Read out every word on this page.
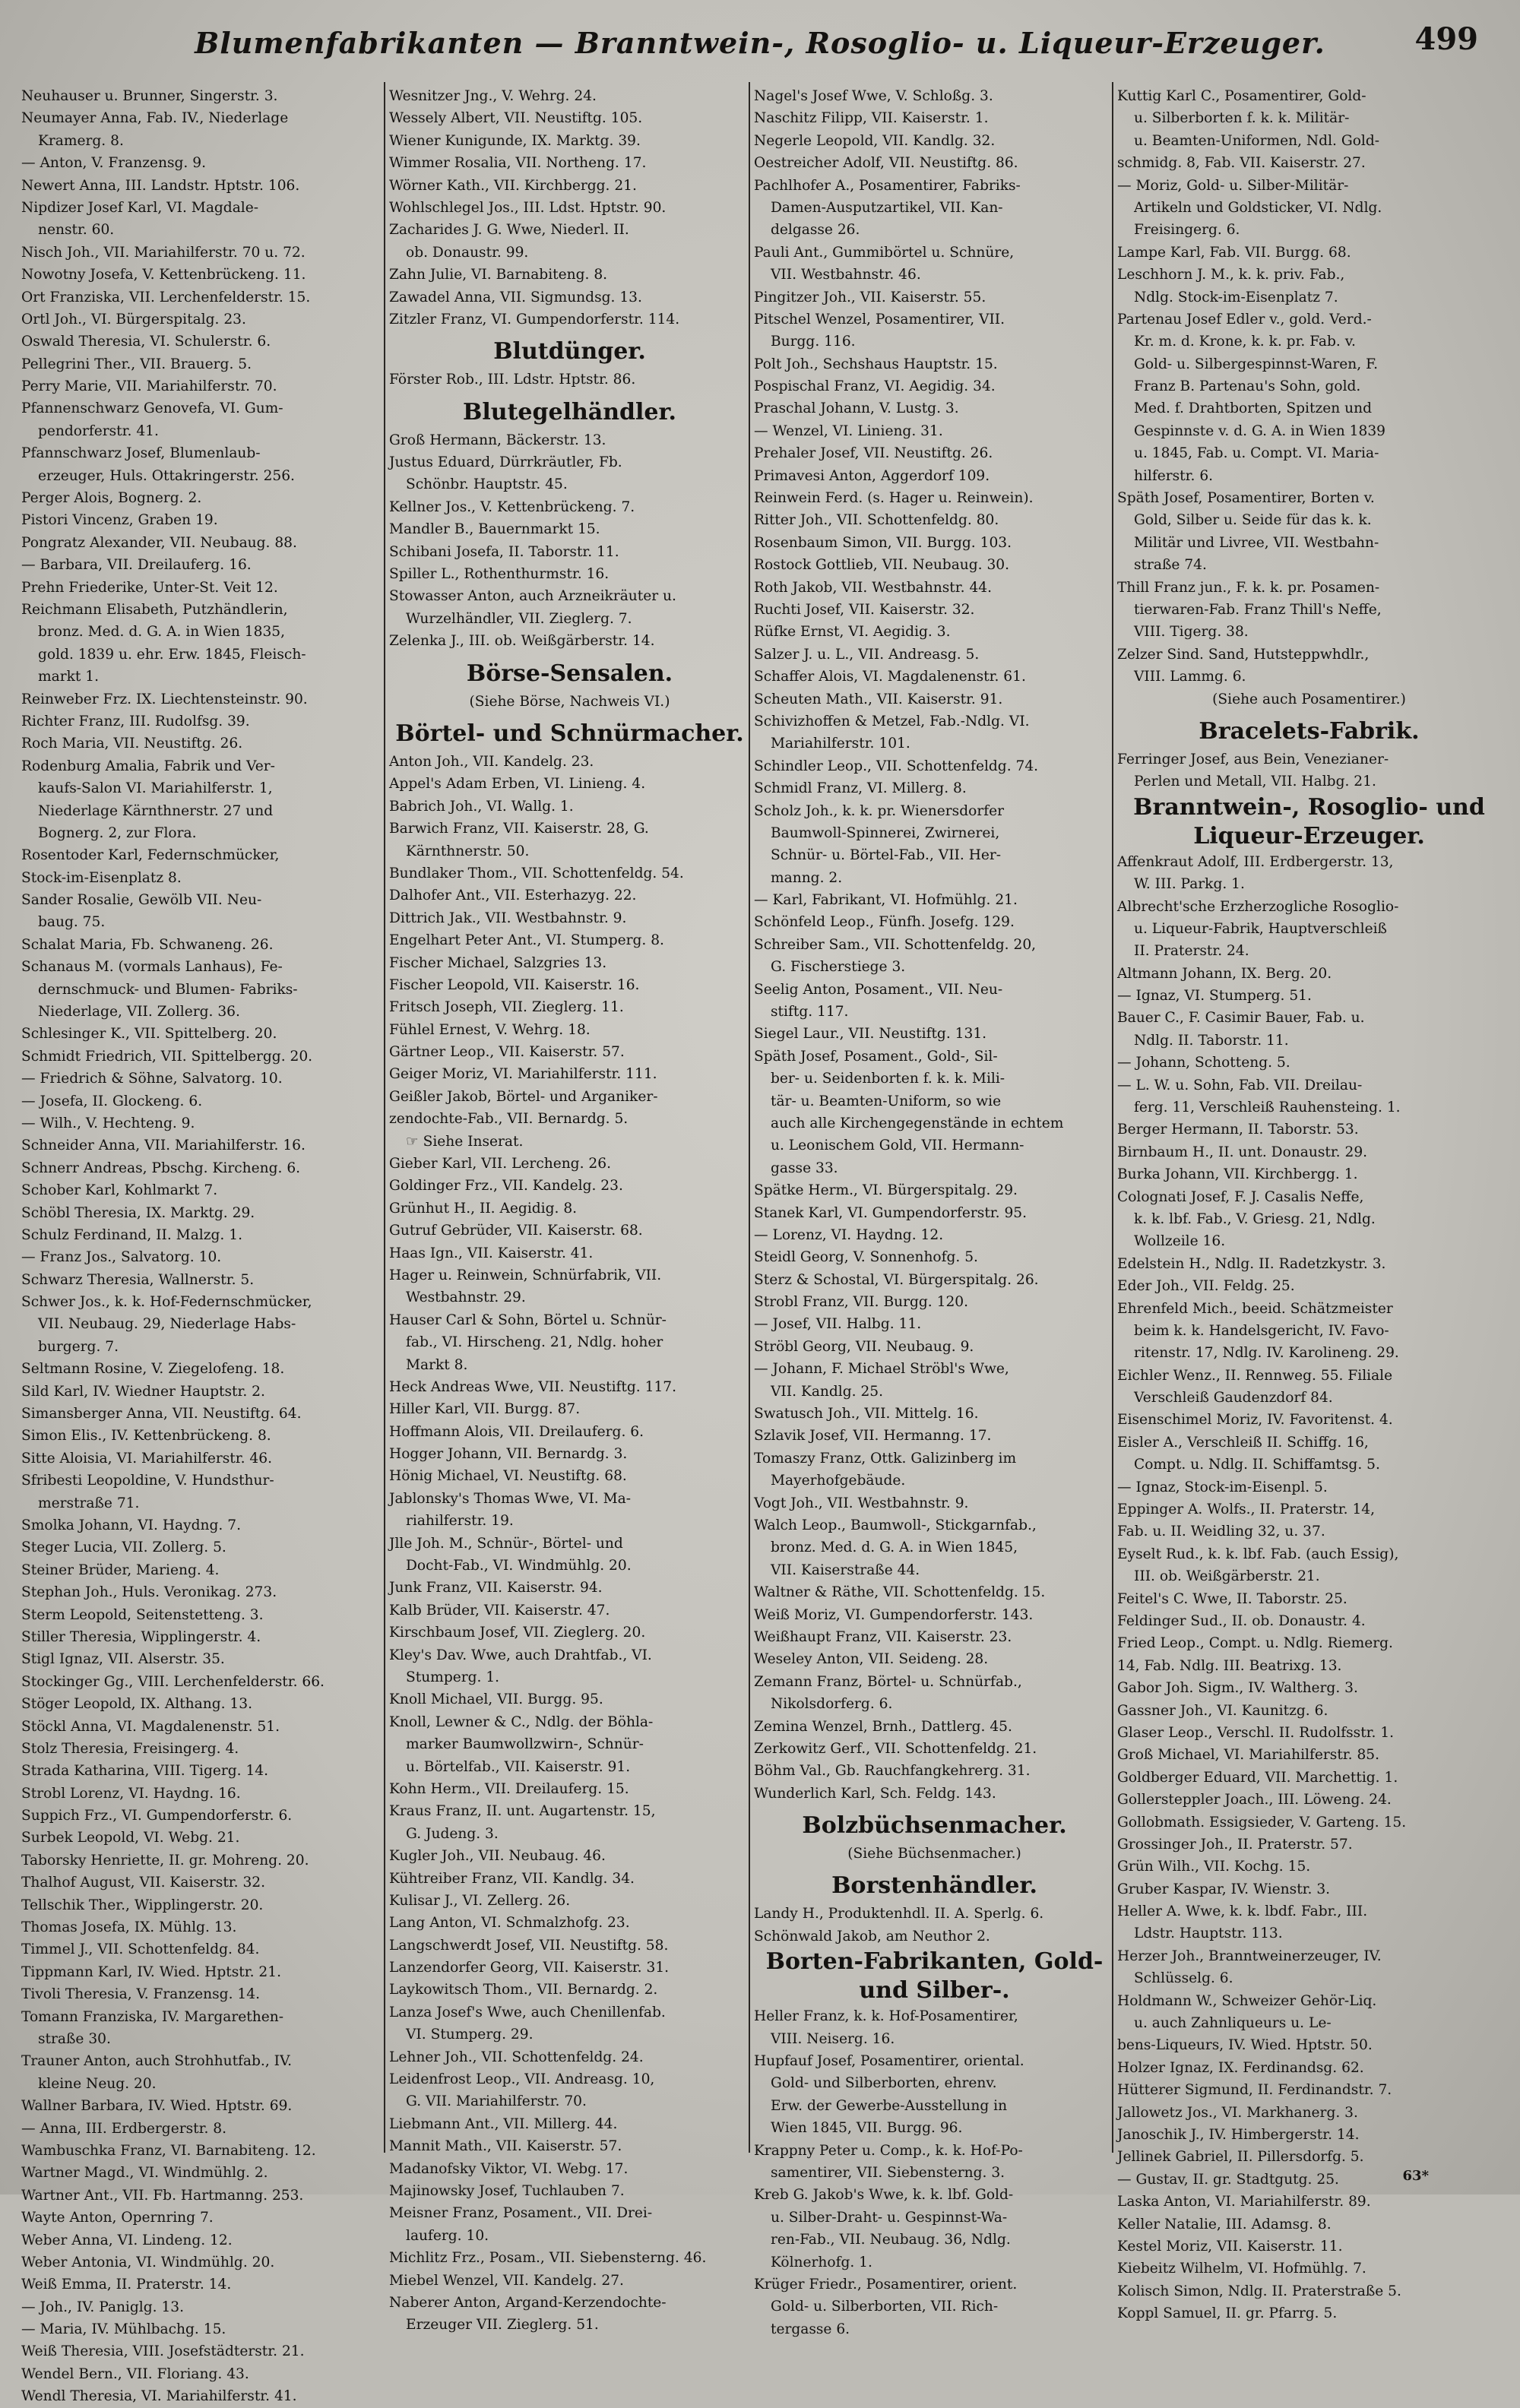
Blumenfabrikanten — Branntwein-, Rosoglio- u. Liqueur-Erzeuger.	499
Neuhauser u. Brunner, Singerstr. 3.
Neumayer Anna, Fab. IV., Niederlage
Kramerg. 8.
— Anton, V. Franzensg. 9.
Newert Anna, III. Landstr. Hptstr. 106.
Nipdizer Josef Karl, VI. Magdale-
nenstr. 60.
Nisch Joh., VII. Mariahilferstr. 70 u. 72.
Nowotny Josefa, V. Kettenbrückeng. 11.
Ort Franziska, VII. Lerchenfelderstr. 15.
Ortl Joh., VI. Bürgerspitalg. 23.
Oswald Theresia, VI. Schulerstr. 6.
Pellegrini Ther., VII. Brauerg. 5.
Perry Marie, VII. Mariahilferstr. 70.
Pfannenschwarz Genovefa, VI. Gum-
pendorferstr. 41.
Pfannschwarz Josef, Blumenlaub-
erzeuger, Huls. Ottakringerstr. 256.
Perger Alois, Bognerg. 2.
Pistori Vincenz, Graben 19.
Pongratz Alexander, VII. Neubaug. 88.
— Barbara, VII. Dreilauferg. 16.
Prehn Friederike, Unter-St. Veit 12.
Reichmann Elisabeth, Putzhändlerin,
bronz. Med. d. G. A. in Wien 1835,
gold. 1839 u. ehr. Erw. 1845, Fleisch-
markt 1.
Reinweber Frz. IX. Liechtensteinstr. 90.
Richter Franz, III. Rudolfsg. 39.
Roch Maria, VII. Neustiftg. 26.
Rodenburg Amalia, Fabrik und Ver-
kaufs-Salon VI. Mariahilferstr. 1,
Niederlage Kärnthnerstr. 27 und
Bognerg. 2, zur Flora.
Rosentoder Karl, Federnschmücker,
Stock-im-Eisenplatz 8.
Sander Rosalie, Gewölb VII. Neu-
baug. 75.
Schalat Maria, Fb. Schwaneng. 26.
Schanaus M. (vormals Lanhaus), Fe-
dernschmuck- und Blumen- Fabriks-
Niederlage, VII. Zollerg. 36.
Schlesinger K., VII. Spittelberg. 20.
Schmidt Friedrich, VII. Spittelbergg. 20.
— Friedrich & Söhne, Salvatorg. 10.
— Josefa, II. Glockeng. 6.
— Wilh., V. Hechteng. 9.
Schneider Anna, VII. Mariahilferstr. 16.
Schnerr Andreas, Pbschg. Kircheng. 6.
Schober Karl, Kohlmarkt 7.
Schöbl Theresia, IX. Marktg. 29.
Schulz Ferdinand, II. Malzg. 1.
— Franz Jos., Salvatorg. 10.
Schwarz Theresia, Wallnerstr. 5.
Schwer Jos., k. k. Hof-Federnschmücker,
VII. Neubaug. 29, Niederlage Habs-
burgerg. 7.
Seltmann Rosine, V. Ziegelofeng. 18.
Sild Karl, IV. Wiedner Hauptstr. 2.
Simansberger Anna, VII. Neustiftg. 64.
Simon Elis., IV. Kettenbrückeng. 8.
Sitte Aloisia, VI. Mariahilferstr. 46.
Sfribesti Leopoldine, V. Hundsthur-
merstraße 71.
Smolka Johann, VI. Haydng. 7.
Steger Lucia, VII. Zollerg. 5.
Steiner Brüder, Marieng. 4.
Stephan Joh., Huls. Veronikag. 273.
Sterm Leopold, Seitenstetteng. 3.
Stiller Theresia, Wipplingerstr. 4.
Stigl Ignaz, VII. Alserstr. 35.
Stockinger Gg., VIII. Lerchenfelderstr. 66.
Stöger Leopold, IX. Althang. 13.
Stöckl Anna, VI. Magdalenenstr. 51.
Stolz Theresia, Freisingerg. 4.
Strada Katharina, VIII. Tigerg. 14.
Strobl Lorenz, VI. Haydng. 16.
Suppich Frz., VI. Gumpendorferstr. 6.
Surbek Leopold, VI. Webg. 21.
Taborsky Henriette, II. gr. Mohreng. 20.
Thalhof August, VII. Kaiserstr. 32.
Tellschik Ther., Wipplingerstr. 20.
Thomas Josefa, IX. Mühlg. 13.
Timmel J., VII. Schottenfeldg. 84.
Tippmann Karl, IV. Wied. Hptstr. 21.
Tivoli Theresia, V. Franzensg. 14.
Tomann Franziska, IV. Margarethen-
straße 30.
Trauner Anton, auch Strohhutfab., IV.
kleine Neug. 20.
Wallner Barbara, IV. Wied. Hptstr. 69.
— Anna, III. Erdbergerstr. 8.
Wambuschka Franz, VI. Barnabiteng. 12.
Wartner Magd., VI. Windmühlg. 2.
Wartner Ant., VII. Fb. Hartmanng. 253.
Wayte Anton, Opernring 7.
Weber Anna, VI. Lindeng. 12.
Weber Antonia, VI. Windmühlg. 20.
Weiß Emma, II. Praterstr. 14.
— Joh., IV. Paniglg. 13.
— Maria, IV. Mühlbachg. 15.
Weiß Theresia, VIII. Josefstädterstr. 21.
Wendel Bern., VII. Floriang. 43.
Wendl Theresia, VI. Mariahilferstr. 41.
Wesnitzer Jng., V. Wehrg. 24.
Wessely Albert, VII. Neustiftg. 105.
Wiener Kunigunde, IX. Marktg. 39.
Wimmer Rosalia, VII. Northeng. 17.
Wörner Kath., VII. Kirchbergg. 21.
Wohlschlegel Jos., III. Ldst. Hptstr. 90.
Zacharides J. G. Wwe, Niederl. II.
ob. Donaustr. 99.
Zahn Julie, VI. Barnabiteng. 8.
Zawadel Anna, VII. Sigmundsg. 13.
Zitzler Franz, VI. Gumpendorferstr. 114.
Blutdünger.
Förster Rob., III. Ldstr. Hptstr. 86.
Blutegelhändler.
Groß Hermann, Bäckerstr. 13.
Justus Eduard, Dürrkräutler, Fb.
Schönbr. Hauptstr. 45.
Kellner Jos., V. Kettenbrückeng. 7.
Mandler B., Bauernmarkt 15.
Schibani Josefa, II. Taborstr. 11.
Spiller L., Rothenthurmstr. 16.
Stowasser Anton, auch Arzneikräuter u.
Wurzelhändler, VII. Zieglerg. 7.
Zelenka J., III. ob. Weißgärberstr. 14.
Börse-Sensalen.
(Siehe Börse, Nachweis VI.)
Börtel- und Schnürmacher.
Anton Joh., VII. Kandelg. 23.
Appel's Adam Erben, VI. Linieng. 4.
Babrich Joh., VI. Wallg. 1.
Barwich Franz, VII. Kaiserstr. 28, G.
Kärnthnerstr. 50.
Bundlaker Thom., VII. Schottenfeldg. 54.
Dalhofer Ant., VII. Esterhazyg. 22.
Dittrich Jak., VII. Westbahnstr. 9.
Engelhart Peter Ant., VI. Stumperg. 8.
Fischer Michael, Salzgries 13.
Fischer Leopold, VII. Kaiserstr. 16.
Fritsch Joseph, VII. Zieglerg. 11.
Fühlel Ernest, V. Wehrg. 18.
Gärtner Leop., VII. Kaiserstr. 57.
Geiger Moriz, VI. Mariahilferstr. 111.
Geißler Jakob, Börtel- und Arganiker-
zendochte-Fab., VII. Bernardg. 5.
☞ Siehe Inserat.
Gieber Karl, VII. Lercheng. 26.
Goldinger Frz., VII. Kandelg. 23.
Grünhut H., II. Aegidig. 8.
Gutruf Gebrüder, VII. Kaiserstr. 68.
Haas Ign., VII. Kaiserstr. 41.
Hager u. Reinwein, Schnürfabrik, VII.
Westbahnstr. 29.
Hauser Carl & Sohn, Börtel u. Schnür-
fab., VI. Hirscheng. 21, Ndlg. hoher
Markt 8.
Heck Andreas Wwe, VII. Neustiftg. 117.
Hiller Karl, VII. Burgg. 87.
Hoffmann Alois, VII. Dreilauferg. 6.
Hogger Johann, VII. Bernardg. 3.
Hönig Michael, VI. Neustiftg. 68.
Jablonsky's Thomas Wwe, VI. Ma-
riahilferstr. 19.
Jlle Joh. M., Schnür-, Börtel- und
Docht-Fab., VI. Windmühlg. 20.
Junk Franz, VII. Kaiserstr. 94.
Kalb Brüder, VII. Kaiserstr. 47.
Kirschbaum Josef, VII. Zieglerg. 20.
Kley's Dav. Wwe, auch Drahtfab., VI.
Stumperg. 1.
Knoll Michael, VII. Burgg. 95.
Knoll, Lewner & C., Ndlg. der Böhla-
marker Baumwollzwirn-, Schnür-
u. Börtelfab., VII. Kaiserstr. 91.
Kohn Herm., VII. Dreilauferg. 15.
Kraus Franz, II. unt. Augartenstr. 15,
G. Judeng. 3.
Kugler Joh., VII. Neubaug. 46.
Kühtreiber Franz, VII. Kandlg. 34.
Kulisar J., VI. Zellerg. 26.
Lang Anton, VI. Schmalzhofg. 23.
Langschwerdt Josef, VII. Neustiftg. 58.
Lanzendorfer Georg, VII. Kaiserstr. 31.
Laykowitsch Thom., VII. Bernardg. 2.
Lanza Josef's Wwe, auch Chenillenfab.
VI. Stumperg. 29.
Lehner Joh., VII. Schottenfeldg. 24.
Leidenfrost Leop., VII. Andreasg. 10,
G. VII. Mariahilferstr. 70.
Liebmann Ant., VII. Millerg. 44.
Mannit Math., VII. Kaiserstr. 57.
Madanofsky Viktor, VI. Webg. 17.
Majinowsky Josef, Tuchlauben 7.
Meisner Franz, Posament., VII. Drei-
lauferg. 10.
Michlitz Frz., Posam., VII. Siebensterng. 46.
Miebel Wenzel, VII. Kandelg. 27.
Naberer Anton, Argand-Kerzendochte-
Erzeuger VII. Zieglerg. 51.
Nagel's Josef Wwe, V. Schloßg. 3.
Naschitz Filipp, VII. Kaiserstr. 1.
Negerle Leopold, VII. Kandlg. 32.
Oestreicher Adolf, VII. Neustiftg. 86.
Pachlhofer A., Posamentirer, Fabriks-
Damen-Ausputzartikel, VII. Kan-
delgasse 26.
Pauli Ant., Gummibörtel u. Schnüre,
VII. Westbahnstr. 46.
Pingitzer Joh., VII. Kaiserstr. 55.
Pitschel Wenzel, Posamentirer, VII.
Burgg. 116.
Polt Joh., Sechshaus Hauptstr. 15.
Pospischal Franz, VI. Aegidig. 34.
Praschal Johann, V. Lustg. 3.
— Wenzel, VI. Linieng. 31.
Prehaler Josef, VII. Neustiftg. 26.
Primavesi Anton, Aggerdorf 109.
Reinwein Ferd. (s. Hager u. Reinwein).
Ritter Joh., VII. Schottenfeldg. 80.
Rosenbaum Simon, VII. Burgg. 103.
Rostock Gottlieb, VII. Neubaug. 30.
Roth Jakob, VII. Westbahnstr. 44.
Ruchti Josef, VII. Kaiserstr. 32.
Rüfke Ernst, VI. Aegidig. 3.
Salzer J. u. L., VII. Andreasg. 5.
Schaffer Alois, VI. Magdalenenstr. 61.
Scheuten Math., VII. Kaiserstr. 91.
Schivizhoffen & Metzel, Fab.-Ndlg. VI.
Mariahilferstr. 101.
Schindler Leop., VII. Schottenfeldg. 74.
Schmidl Franz, VI. Millerg. 8.
Scholz Joh., k. k. pr. Wienersdorfer
Baumwoll-Spinnerei, Zwirnerei,
Schnür- u. Börtel-Fab., VII. Her-
manng. 2.
— Karl, Fabrikant, VI. Hofmühlg. 21.
Schönfeld Leop., Fünfh. Josefg. 129.
Schreiber Sam., VII. Schottenfeldg. 20,
G. Fischerstiege 3.
Seelig Anton, Posament., VII. Neu-
stiftg. 117.
Siegel Laur., VII. Neustiftg. 131.
Späth Josef, Posament., Gold-, Sil-
ber- u. Seidenborten f. k. k. Mili-
tär- u. Beamten-Uniform, so wie
auch alle Kirchengegenstände in echtem
u. Leonischem Gold, VII. Hermann-
gasse 33.
Spätke Herm., VI. Bürgerspitalg. 29.
Stanek Karl, VI. Gumpendorferstr. 95.
— Lorenz, VI. Haydng. 12.
Steidl Georg, V. Sonnenhofg. 5.
Sterz & Schostal, VI. Bürgerspitalg. 26.
Strobl Franz, VII. Burgg. 120.
— Josef, VII. Halbg. 11.
Ströbl Georg, VII. Neubaug. 9.
— Johann, F. Michael Ströbl's Wwe,
VII. Kandlg. 25.
Swatusch Joh., VII. Mittelg. 16.
Szlavik Josef, VII. Hermanng. 17.
Tomaszy Franz, Ottk. Galizinberg im
Mayerhofgebäude.
Vogt Joh., VII. Westbahnstr. 9.
Walch Leop., Baumwoll-, Stickgarnfab.,
bronz. Med. d. G. A. in Wien 1845,
VII. Kaiserstraße 44.
Waltner & Räthe, VII. Schottenfeldg. 15.
Weiß Moriz, VI. Gumpendorferstr. 143.
Weißhaupt Franz, VII. Kaiserstr. 23.
Weseley Anton, VII. Seideng. 28.
Zemann Franz, Börtel- u. Schnürfab.,
Nikolsdorferg. 6.
Zemina Wenzel, Brnh., Dattlerg. 45.
Zerkowitz Gerf., VII. Schottenfeldg. 21.
Böhm Val., Gb. Rauchfangkehrerg. 31.
Wunderlich Karl, Sch. Feldg. 143.
Bolzbüchsenmacher.
(Siehe Büchsenmacher.)
Borstenhändler.
Landy H., Produktenhdl. II. A. Sperlg. 6.
Schönwald Jakob, am Neuthor 2.
Borten-Fabrikanten, Gold-
und Silber-.
Heller Franz, k. k. Hof-Posamentirer,
VIII. Neiserg. 16.
Hupfauf Josef, Posamentirer, oriental.
Gold- und Silberborten, ehrenv.
Erw. der Gewerbe-Ausstellung in
Wien 1845, VII. Burgg. 96.
Krappny Peter u. Comp., k. k. Hof-Po-
samentirer, VII. Siebensterng. 3.
Kreb G. Jakob's Wwe, k. k. lbf. Gold-
u. Silber-Draht- u. Gespinnst-Wa-
ren-Fab., VII. Neubaug. 36, Ndlg.
Kölnerhofg. 1.
Krüger Friedr., Posamentirer, orient.
Gold- u. Silberborten, VII. Rich-
tergasse 6.
Kuttig Karl C., Posamentirer, Gold-
u. Silberborten f. k. k. Militär-
u. Beamten-Uniformen, Ndl. Gold-
schmidg. 8, Fab. VII. Kaiserstr. 27.
— Moriz, Gold- u. Silber-Militär-
Artikeln und Goldsticker, VI. Ndlg.
Freisingerg. 6.
Lampe Karl, Fab. VII. Burgg. 68.
Leschhorn J. M., k. k. priv. Fab.,
Ndlg. Stock-im-Eisenplatz 7.
Partenau Josef Edler v., gold. Verd.-
Kr. m. d. Krone, k. k. pr. Fab. v.
Gold- u. Silbergespinnst-Waren, F.
Franz B. Partenau's Sohn, gold.
Med. f. Drahtborten, Spitzen und
Gespinnste v. d. G. A. in Wien 1839
u. 1845, Fab. u. Compt. VI. Maria-
hilferstr. 6.
Späth Josef, Posamentirer, Borten v.
Gold, Silber u. Seide für das k. k.
Militär und Livree, VII. Westbahn-
straße 74.
Thill Franz jun., F. k. k. pr. Posamen-
tierwaren-Fab. Franz Thill's Neffe,
VIII. Tigerg. 38.
Zelzer Sind. Sand, Hutsteppwhdlr.,
VIII. Lammg. 6.
(Siehe auch Posamentirer.)
Bracelets-Fabrik.
Ferringer Josef, aus Bein, Venezianer-
Perlen und Metall, VII. Halbg. 21.
Branntwein-, Rosoglio- und
Liqueur-Erzeuger.
Affenkraut Adolf, III. Erdbergerstr. 13,
W. III. Parkg. 1.
Albrecht'sche Erzherzogliche Rosoglio-
u. Liqueur-Fabrik, Hauptverschleiß
II. Praterstr. 24.
Altmann Johann, IX. Berg. 20.
— Ignaz, VI. Stumperg. 51.
Bauer C., F. Casimir Bauer, Fab. u.
Ndlg. II. Taborstr. 11.
— Johann, Schotteng. 5.
— L. W. u. Sohn, Fab. VII. Dreilau-
ferg. 11, Verschleiß Rauhensteing. 1.
Berger Hermann, II. Taborstr. 53.
Birnbaum H., II. unt. Donaustr. 29.
Burka Johann, VII. Kirchbergg. 1.
Colognati Josef, F. J. Casalis Neffe,
k. k. lbf. Fab., V. Griesg. 21, Ndlg.
Wollzeile 16.
Edelstein H., Ndlg. II. Radetzkystr. 3.
Eder Joh., VII. Feldg. 25.
Ehrenfeld Mich., beeid. Schätzmeister
beim k. k. Handelsgericht, IV. Favo-
ritenstr. 17, Ndlg. IV. Karolineng. 29.
Eichler Wenz., II. Rennweg. 55. Filiale
Verschleiß Gaudenzdorf 84.
Eisenschimel Moriz, IV. Favoritenst. 4.
Eisler A., Verschleiß II. Schiffg. 16,
Compt. u. Ndlg. II. Schiffamtsg. 5.
— Ignaz, Stock-im-Eisenpl. 5.
Eppinger A. Wolfs., II. Praterstr. 14,
Fab. u. II. Weidling 32, u. 37.
Eyselt Rud., k. k. lbf. Fab. (auch Essig),
III. ob. Weißgärberstr. 21.
Feitel's C. Wwe, II. Taborstr. 25.
Feldinger Sud., II. ob. Donaustr. 4.
Fried Leop., Compt. u. Ndlg. Riemerg.
14, Fab. Ndlg. III. Beatrixg. 13.
Gabor Joh. Sigm., IV. Waltherg. 3.
Gassner Joh., VI. Kaunitzg. 6.
Glaser Leop., Verschl. II. Rudolfsstr. 1.
Groß Michael, VI. Mariahilferstr. 85.
Goldberger Eduard, VII. Marchettig. 1.
Gollersteppler Joach., III. Löweng. 24.
Gollobmath. Essigsieder, V. Garteng. 15.
Grossinger Joh., II. Praterstr. 57.
Grün Wilh., VII. Kochg. 15.
Gruber Kaspar, IV. Wienstr. 3.
Heller A. Wwe, k. k. lbdf. Fabr., III.
Ldstr. Hauptstr. 113.
Herzer Joh., Branntweinerzeuger, IV.
Schlüsselg. 6.
Holdmann W., Schweizer Gehör-Liq.
u. auch Zahnliqueurs u. Le-
bens-Liqueurs, IV. Wied. Hptstr. 50.
Holzer Ignaz, IX. Ferdinandsg. 62.
Hütterer Sigmund, II. Ferdinandstr. 7.
Jallowetz Jos., VI. Markhanerg. 3.
Janoschik J., IV. Himbergerstr. 14.
Jellinek Gabriel, II. Pillersdorfg. 5.
— Gustav, II. gr. Stadtgutg. 25.
Laska Anton, VI. Mariahilferstr. 89.
Keller Natalie, III. Adamsg. 8.
Kestel Moriz, VII. Kaiserstr. 11.
Kiebeitz Wilhelm, VI. Hofmühlg. 7.
Kolisch Simon, Ndlg. II. Praterstraße 5.
Koppl Samuel, II. gr. Pfarrg. 5.
63*
